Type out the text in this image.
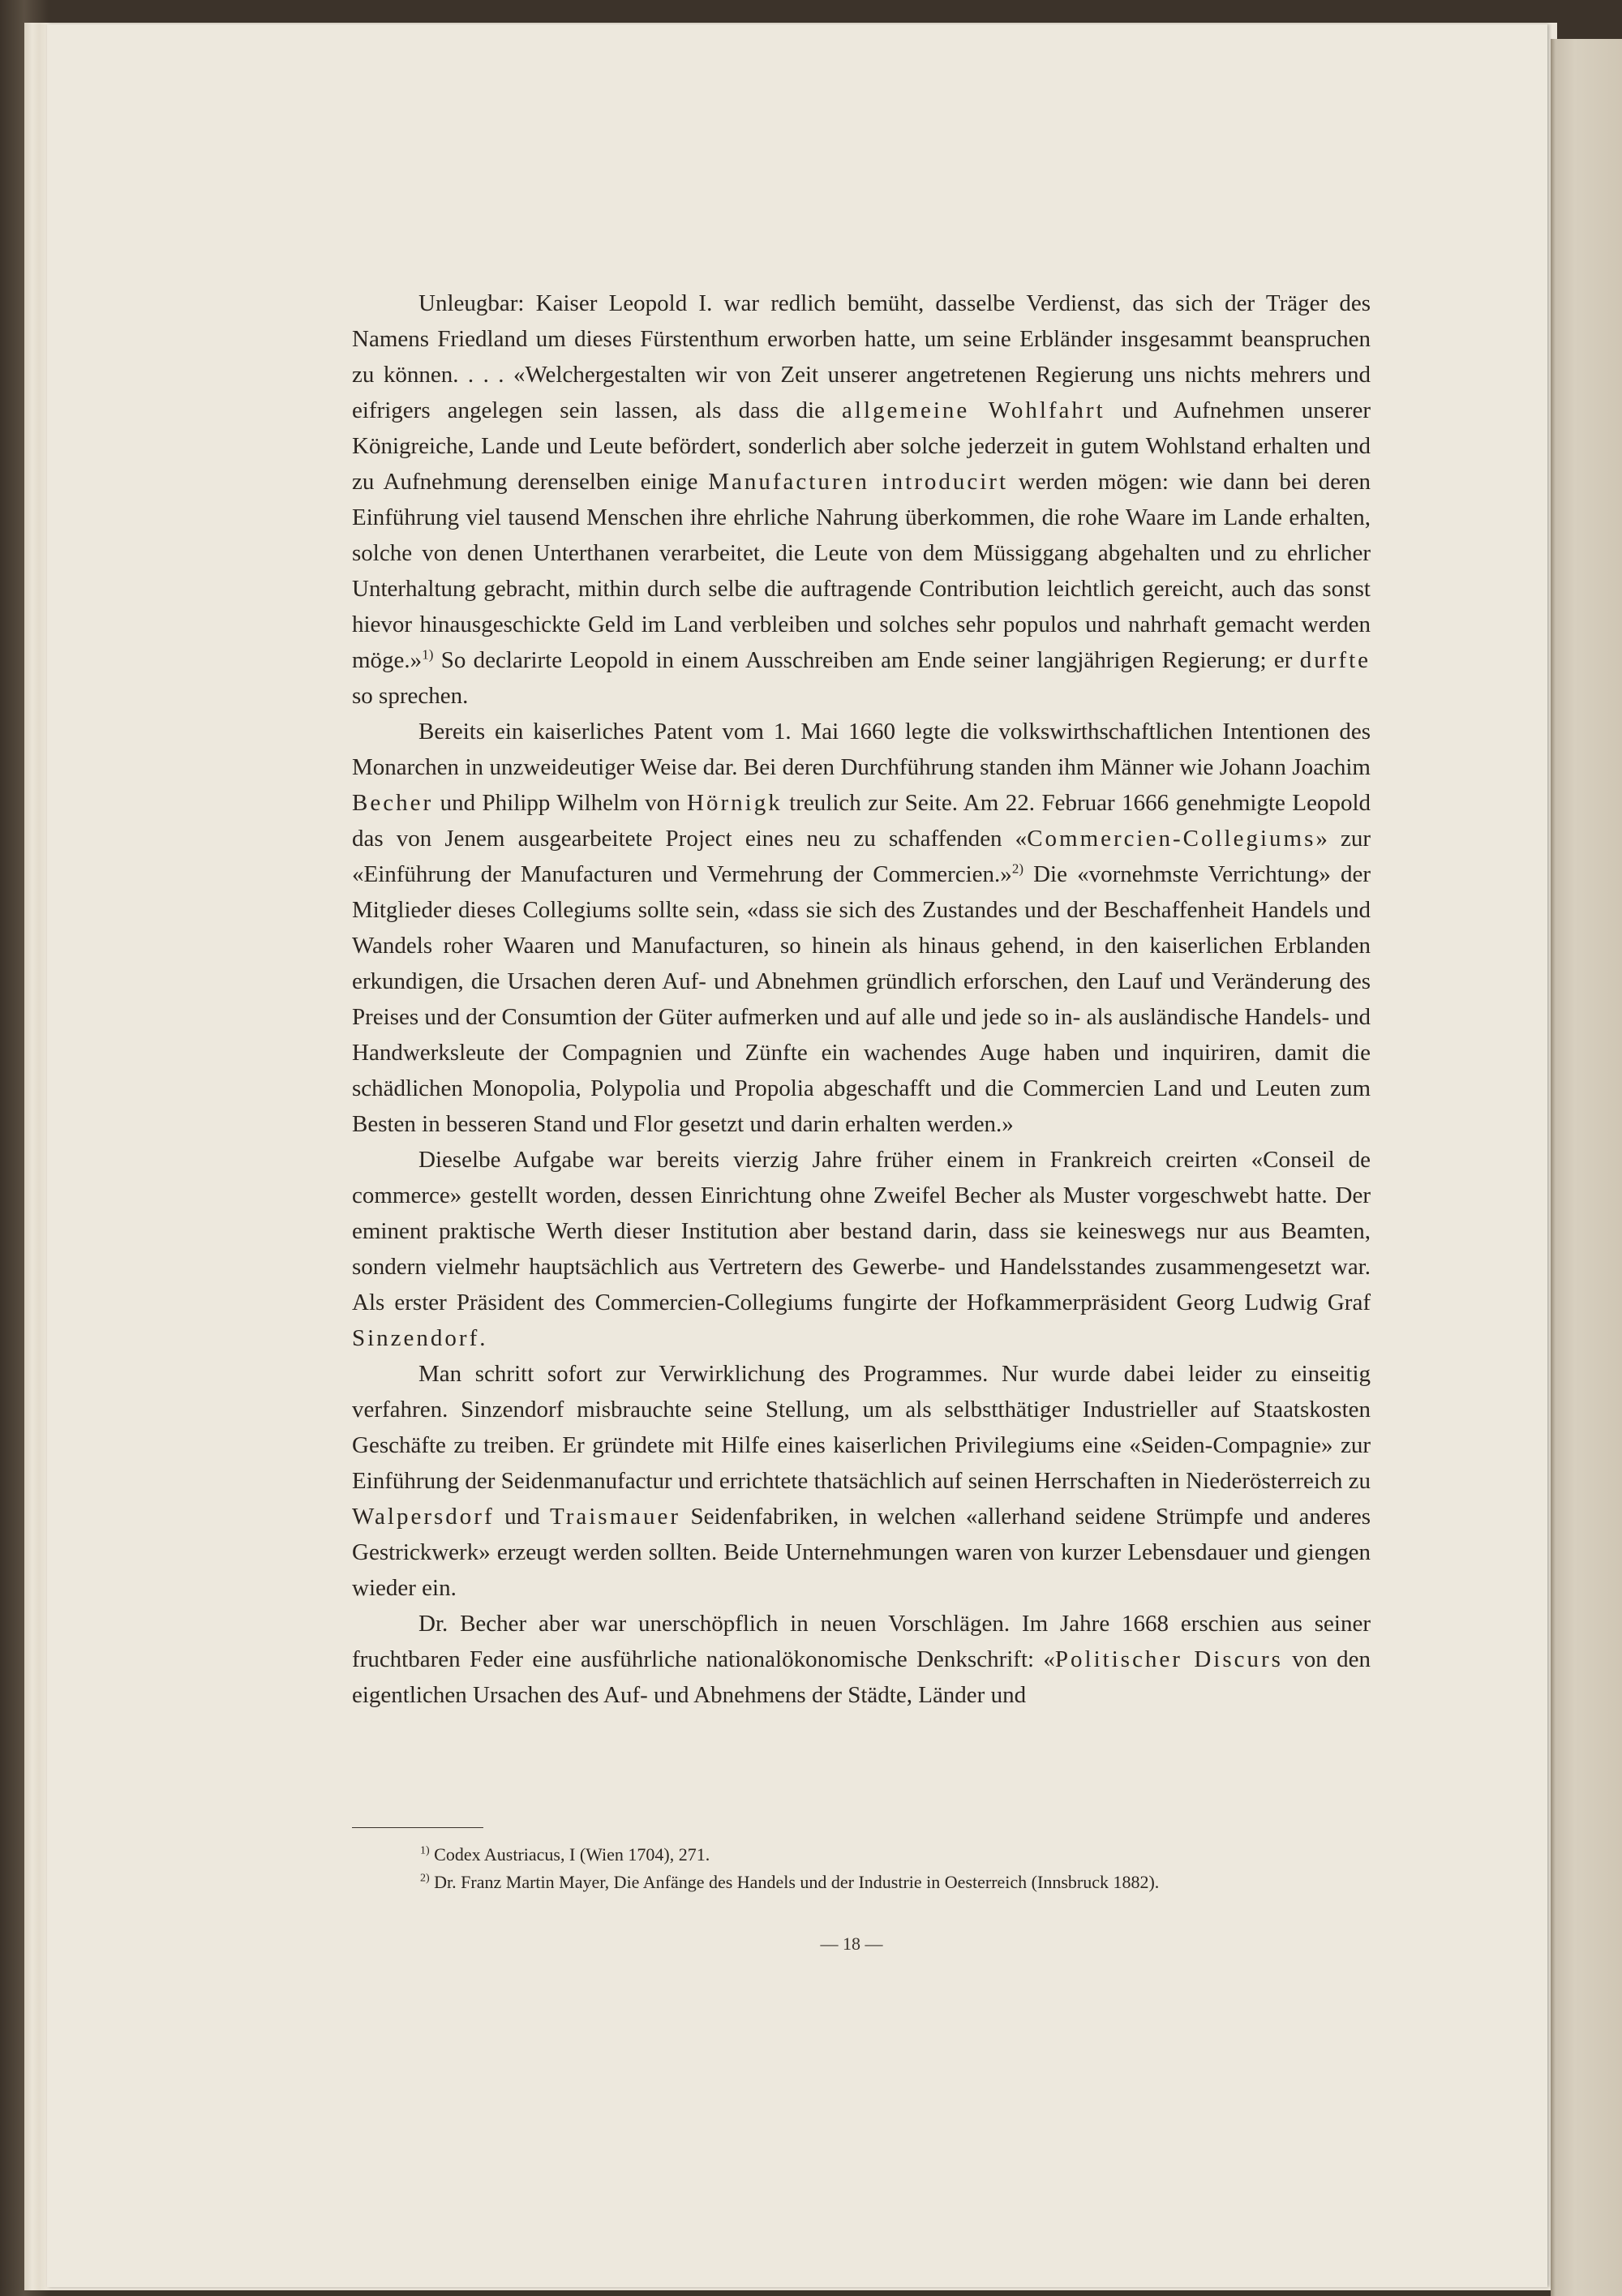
Unleugbar: Kaiser Leopold I. war redlich bemüht, dasselbe Verdienst, das sich der Träger des Namens Friedland um dieses Fürstenthum erworben hatte, um seine Erbländer insgesammt beanspruchen zu können. . . . «Welchergestalten wir von Zeit unserer angetretenen Regierung uns nichts mehrers und eifrigers angelegen sein lassen, als dass die allgemeine Wohlfahrt und Aufnehmen unserer Königreiche, Lande und Leute befördert, sonderlich aber solche jederzeit in gutem Wohlstand erhalten und zu Aufnehmung derenselben einige Manufacturen introducirt werden mögen: wie dann bei deren Einführung viel tausend Menschen ihre ehrliche Nahrung überkommen, die rohe Waare im Lande erhalten, solche von denen Unterthanen verarbeitet, die Leute von dem Müssiggang abgehalten und zu ehrlicher Unterhaltung gebracht, mithin durch selbe die auftragende Contribution leichtlich gereicht, auch das sonst hievor hinausgeschickte Geld im Land verbleiben und solches sehr populos und nahrhaft gemacht werden möge.»$^{1)}$ So declarirte Leopold in einem Ausschreiben am Ende seiner langjährigen Regierung; er durfte so sprechen.

Bereits ein kaiserliches Patent vom 1. Mai 1660 legte die volkswirthschaftlichen Intentionen des Monarchen in unzweideutiger Weise dar. Bei deren Durchführung standen ihm Männer wie Johann Joachim Becher und Philipp Wilhelm von Hörnigk treulich zur Seite. Am 22. Februar 1666 genehmigte Leopold das von Jenem ausgearbeitete Project eines neu zu schaffenden «Commercien-Collegiums» zur «Einführung der Manufacturen und Vermehrung der Commercien.»$^{2)}$ Die «vornehmste Verrichtung» der Mitglieder dieses Collegiums sollte sein, «dass sie sich des Zustandes und der Beschaffenheit Handels und Wandels roher Waaren und Manufacturen, so hinein als hinaus gehend, in den kaiserlichen Erblanden erkundigen, die Ursachen deren Auf- und Abnehmen gründlich erforschen, den Lauf und Veränderung des Preises und der Consumtion der Güter aufmerken und auf alle und jede so in- als ausländische Handels- und Handwerksleute der Compagnien und Zünfte ein wachendes Auge haben und inquiriren, damit die schädlichen Monopolia, Polypolia und Propolia abgeschafft und die Commercien Land und Leuten zum Besten in besseren Stand und Flor gesetzt und darin erhalten werden.»

Dieselbe Aufgabe war bereits vierzig Jahre früher einem in Frankreich creirten «Conseil de commerce» gestellt worden, dessen Einrichtung ohne Zweifel Becher als Muster vorgeschwebt hatte. Der eminent praktische Werth dieser Institution aber bestand darin, dass sie keineswegs nur aus Beamten, sondern vielmehr hauptsächlich aus Vertretern des Gewerbe- und Handelsstandes zusammengesetzt war. Als erster Präsident des Commercien-Collegiums fungirte der Hofkammerpräsident Georg Ludwig Graf Sinzendorf.

Man schritt sofort zur Verwirklichung des Programmes. Nur wurde dabei leider zu einseitig verfahren. Sinzendorf misbrauchte seine Stellung, um als selbstthätiger Industrieller auf Staatskosten Geschäfte zu treiben. Er gründete mit Hilfe eines kaiserlichen Privilegiums eine «Seiden-Compagnie» zur Einführung der Seidenmanufactur und errichtete thatsächlich auf seinen Herrschaften in Niederösterreich zu Walpersdorf und Traismauer Seidenfabriken, in welchen «allerhand seidene Strümpfe und anderes Gestrickwerk» erzeugt werden sollten. Beide Unternehmungen waren von kurzer Lebensdauer und giengen wieder ein.

Dr. Becher aber war unerschöpflich in neuen Vorschlägen. Im Jahre 1668 erschien aus seiner fruchtbaren Feder eine ausführliche nationalökonomische Denkschrift: «Politischer Discurs von den eigentlichen Ursachen des Auf- und Abnehmens der Städte, Länder und

$^{1)}$ Codex Austriacus, I (Wien 1704), 271.
$^{2)}$ Dr. Franz Martin Mayer, Die Anfänge des Handels und der Industrie in Oesterreich (Innsbruck 1882).
— 18 —
